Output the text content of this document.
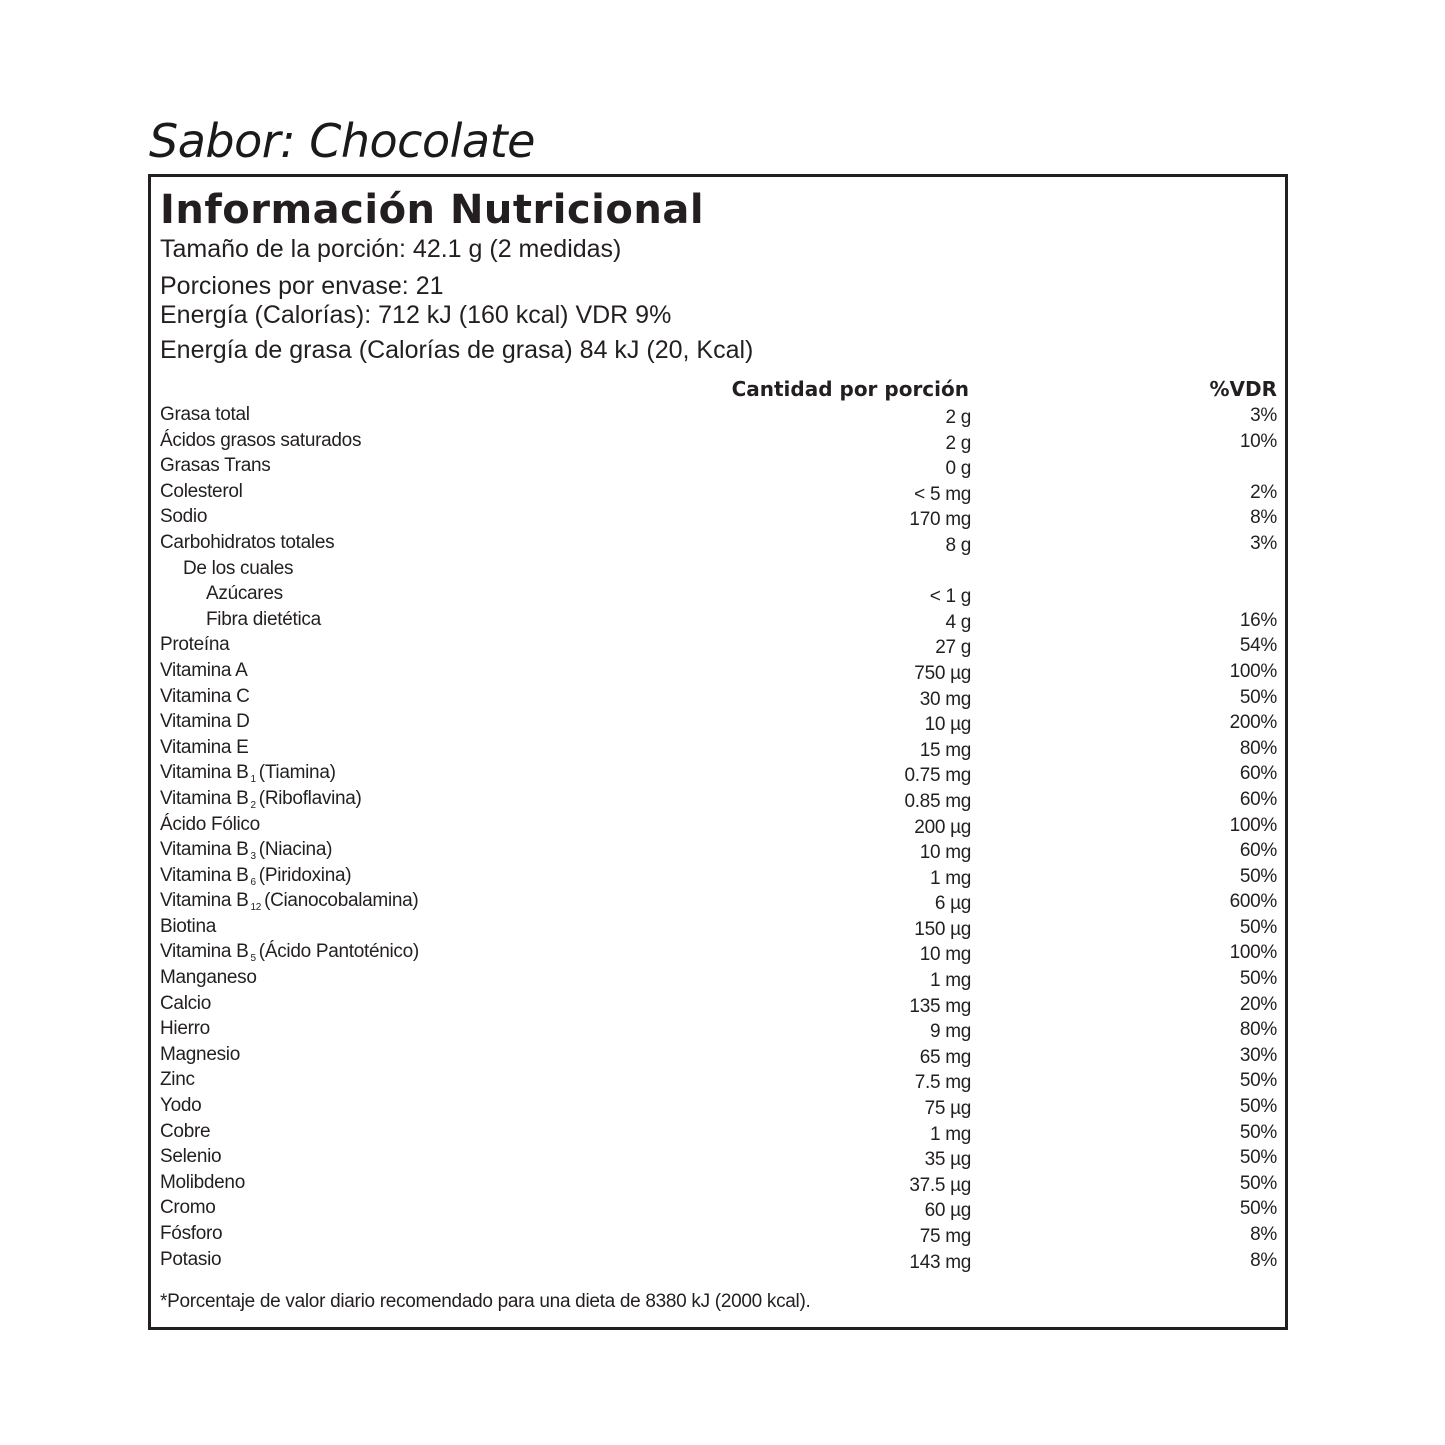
Sabor: Chocolate
Información Nutricional
Tamaño de la porción: 42.1 g (2 medidas)
Porciones por envase: 21
Energía (Calorías): 712 kJ (160 kcal) VDR 9%
Energía de grasa (Calorías de grasa) 84 kJ (20, Kcal)
Cantidad por porción	%VDR
Grasa total	2 g	3%
Ácidos grasos saturados	2 g	10%
Grasas Trans	0 g
Colesterol	< 5 mg	2%
Sodio	170 mg	8%
Carbohidratos totales	8 g	3%
De los cuales
Azúcares	< 1 g
Fibra dietética	4 g	16%
Proteína	27 g	54%
Vitamina A	750 µg	100%
Vitamina C	30 mg	50%
Vitamina D	10 µg	200%
Vitamina E	15 mg	80%
Vitamina B $_1$ (Tiamina)	0.75 mg	60%
Vitamina B $_2$ (Riboflavina)	0.85 mg	60%
Ácido Fólico	200 µg	100%
Vitamina B $_3$ (Niacina)	10 mg	60%
Vitamina B $_6$ (Piridoxina)	1 mg	50%
Vitamina B $_{12}$ (Cianocobalamina)	6 µg	600%
Biotina	150 µg	50%
Vitamina B $_5$ (Ácido Pantoténico)	10 mg	100%
Manganeso	1 mg	50%
Calcio	135 mg	20%
Hierro	9 mg	80%
Magnesio	65 mg	30%
Zinc	7.5 mg	50%
Yodo	75 µg	50%
Cobre	1 mg	50%
Selenio	35 µg	50%
Molibdeno	37.5 µg	50%
Cromo	60 µg	50%
Fósforo	75 mg	8%
Potasio	143 mg	8%
*Porcentaje de valor diario recomendado para una dieta de 8380 kJ (2000 kcal).
